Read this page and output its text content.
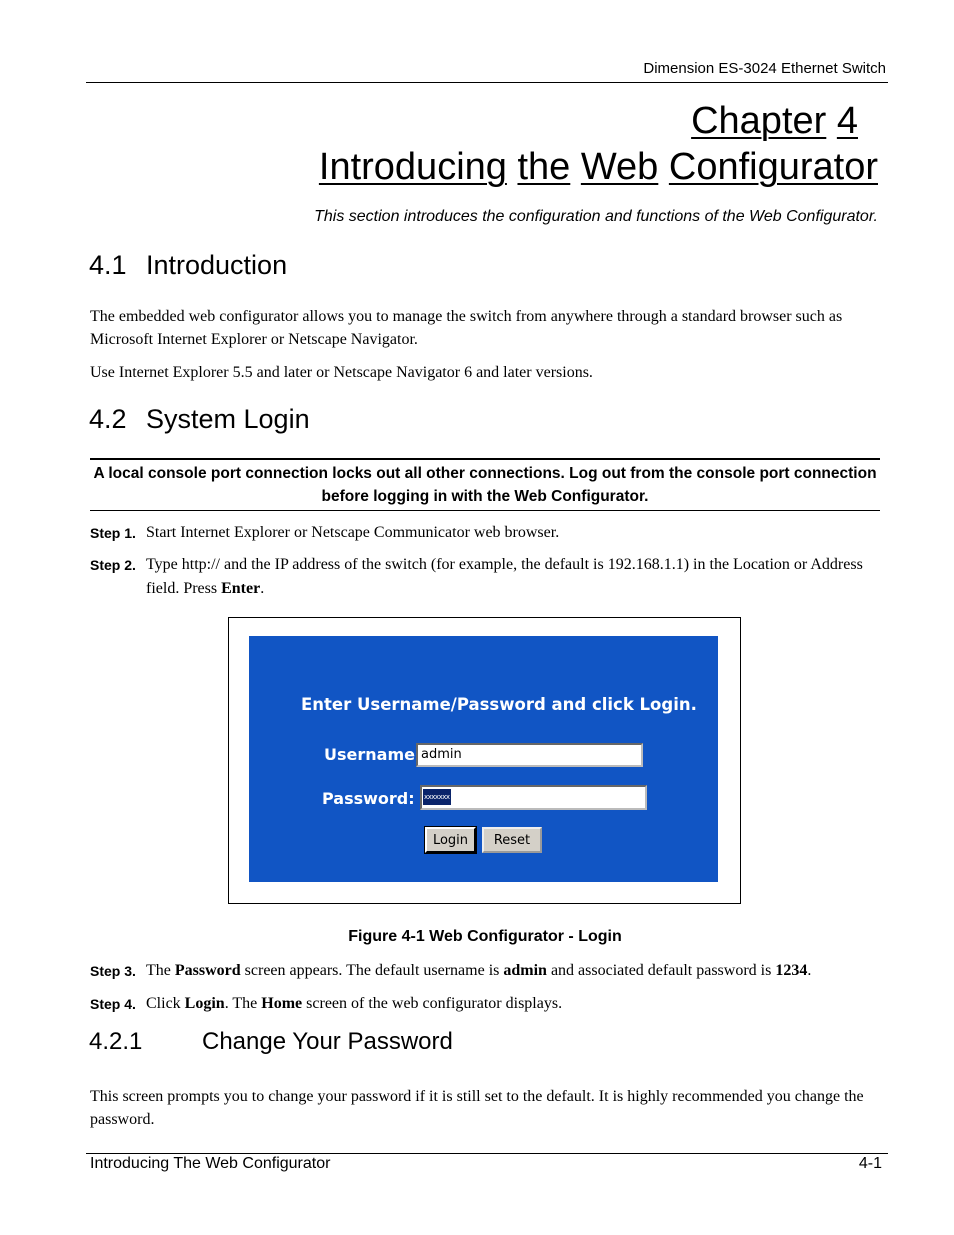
Dimension ES-3024 Ethernet Switch
Chapter 4
Introducing the Web Configurator
This section introduces the configuration and functions of the Web Configurator.
4.1 Introduction
The embedded web configurator allows you to manage the switch from anywhere through a standard browser such as Microsoft Internet Explorer or Netscape Navigator.
Use Internet Explorer 5.5 and later or Netscape Navigator 6 and later versions.
4.2 System Login
A local console port connection locks out all other connections. Log out from the console port connection before logging in with the Web Configurator.
Step 1. Start Internet Explorer or Netscape Communicator web browser.
Step 2. Type http:// and the IP address of the switch (for example, the default is 192.168.1.1) in the Location or Address field. Press Enter.
Enter Username/Password and click Login.
Username admin
Password:	xxxxxxx
Login	Reset
Figure 4-1 Web Configurator - Login
Step 3. The Password screen appears. The default username is admin and associated default password is 1234.
Step 4. Click Login. The Home screen of the web configurator displays.
4.2.1 Change Your Password
This screen prompts you to change your password if it is still set to the default. It is highly recommended you change the password.
Introducing The Web Configurator	4-1
